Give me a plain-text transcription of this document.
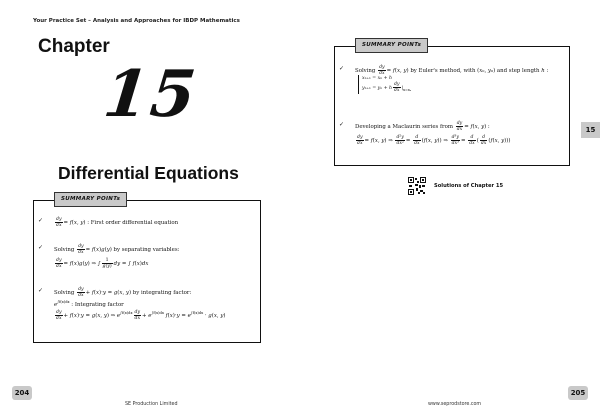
Your Practice Set – Analysis and Approaches for IBDP Mathematics
Chapter
15
Differential Equations
SUMMARY POINTs
✓	$\frac{dy}{dx} = f(x$, y) : First order differential equation
✓ Solving $\frac{dy}{dx} = f(x)g(y)$ by separating variables:
$\frac{dy}{dx} = f(x)g(y)$ ⇒ ∫ $\frac{1}{g(y)}$ dy = ∫ f(x)dx
✓ Solving $\frac{dy}{dx} + f(x)\cdot y = g(x$, y) by integrating factor:
$e^{\int f(x)dx}$ : Integrating factor
$\frac{dy}{dx} + f(x)\cdot y = g(x$, y) ⇒ $e^{\int f(x)dx} \frac{dy}{dx} + e^{\int f(x)dx}$ $f(x)\cdot y = e^{\int f(x)dx} \cdot g(x$, y)
204
SE Production Limited
15
205
www.seprodstore.com
SUMMARY POINTs
✓ Solving $\frac{dy}{dx} = f(x$, y) by Euler's method, with (x₀, y₀) and step length h :
xₙ₊₁ = xₙ + h
yₙ₊₁ = yₙ + h $\frac{dy}{dx} |_{x=x_n}$
✓ Developing a Maclaurin series from $\frac{dy}{dx} = f(x$, y) :
$\frac{dy}{dx} = f(x$, y) ⇒ $\frac{\text{d²y}}{\text{dx²}} = \frac{d}{dx} (f(x$, y)) ⇒ $\frac{\text{d³y}}{\text{dx³}} = \frac{d}{dx}$ ( $\frac{d}{dx} (f(x$, y)))
Solutions of Chapter 15
